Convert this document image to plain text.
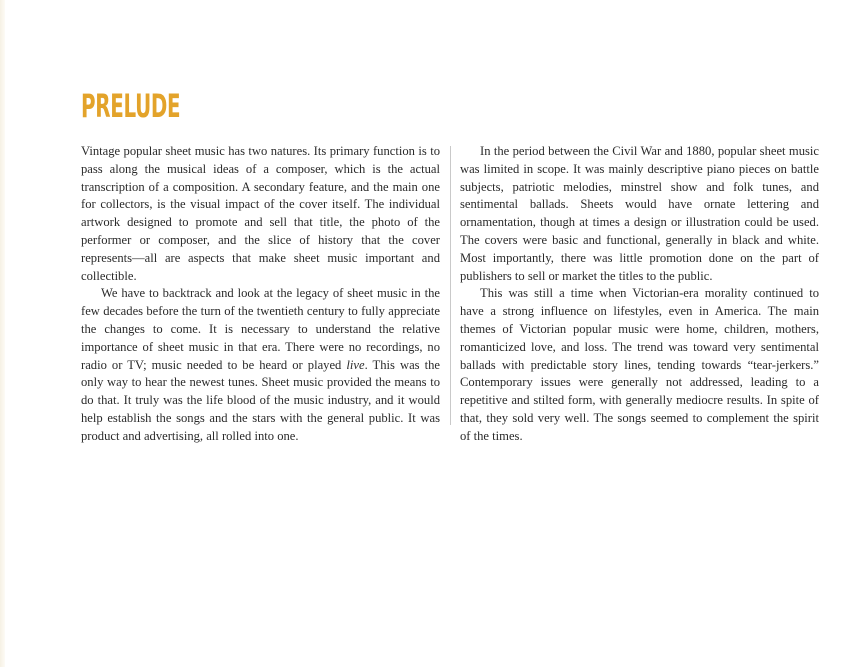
PRELUDE

Vintage popular sheet music has two natures. Its primary function is to pass along the musical ideas of a composer, which is the actual transcription of a composition. A secondary feature, and the main one for collectors, is the visual impact of the cover itself. The individual artwork designed to promote and sell that title, the photo of the performer or composer, and the slice of history that the cover represents—all are aspects that make sheet music important and collectible.

We have to backtrack and look at the legacy of sheet music in the few decades before the turn of the twentieth century to fully appreciate the changes to come. It is necessary to understand the relative importance of sheet music in that era. There were no recordings, no radio or TV; music needed to be heard or played live. This was the only way to hear the newest tunes. Sheet music provided the means to do that. It truly was the life blood of the music industry, and it would help establish the songs and the stars with the general public. It was product and advertising, all rolled into one.

In the period between the Civil War and 1880, popular sheet music was limited in scope. It was mainly descriptive piano pieces on battle subjects, patriotic melodies, minstrel show and folk tunes, and sentimental ballads. Sheets would have ornate lettering and ornamentation, though at times a design or illustration could be used. The covers were basic and functional, generally in black and white. Most importantly, there was little promotion done on the part of publishers to sell or market the titles to the public.

This was still a time when Victorian-era morality continued to have a strong influence on lifestyles, even in America. The main themes of Victorian popular music were home, children, mothers, romanticized love, and loss. The trend was toward very sentimental ballads with predictable story lines, tending towards “tear-jerkers.” Contemporary issues were generally not addressed, leading to a repetitive and stilted form, with generally mediocre results. In spite of that, they sold very well. The songs seemed to complement the spirit of the times.
